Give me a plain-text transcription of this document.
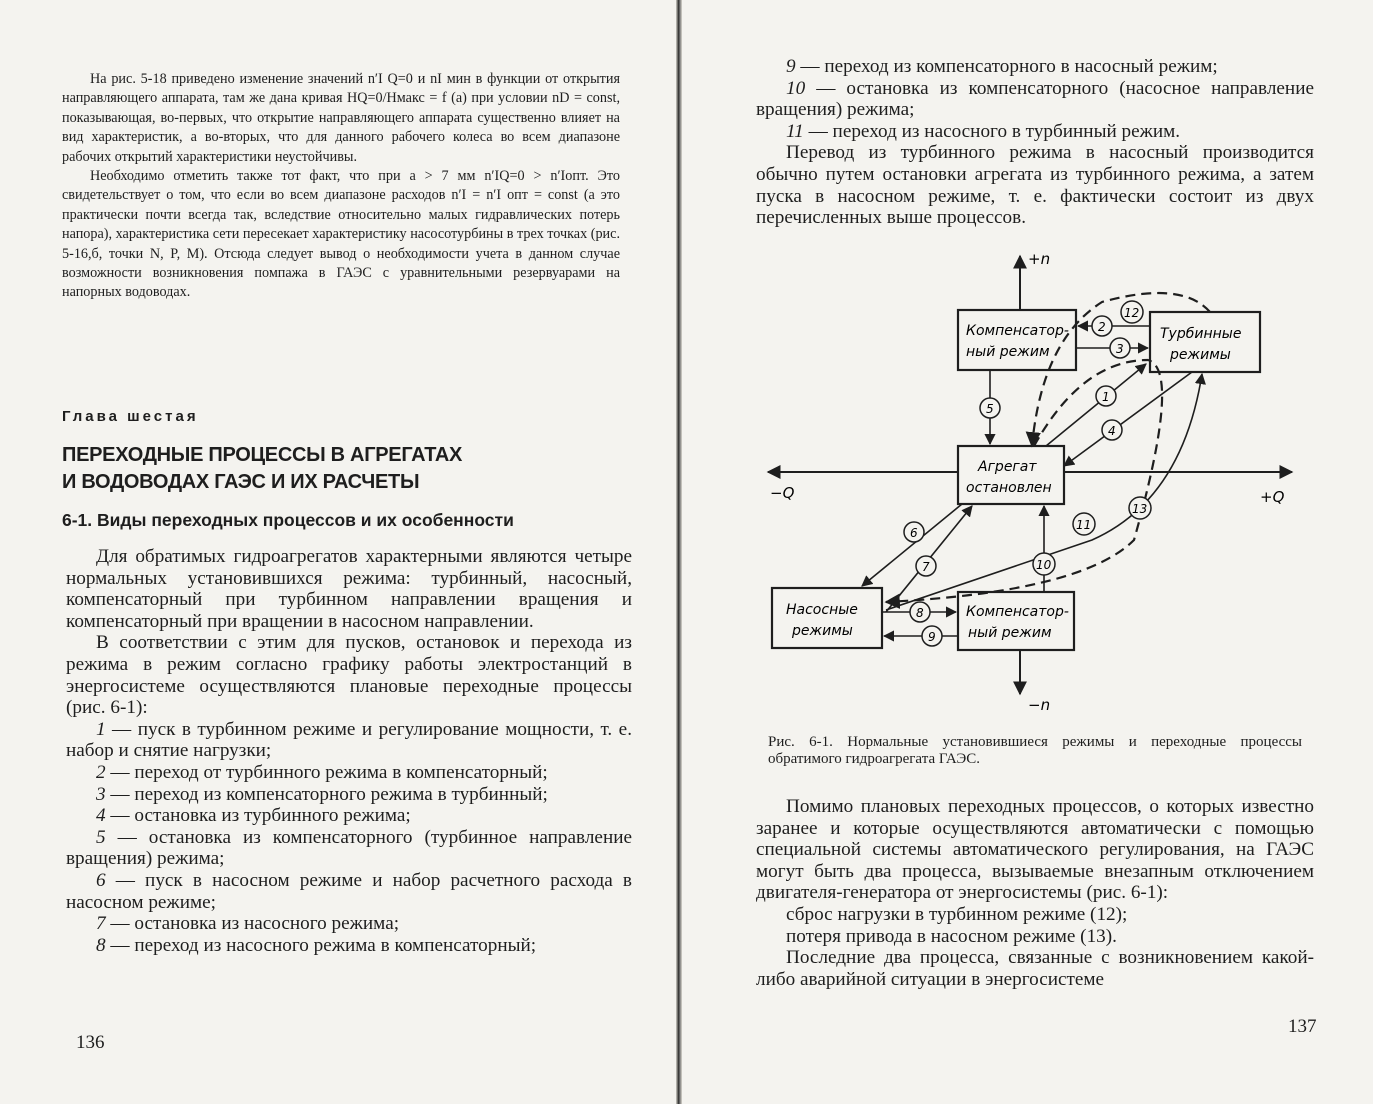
На рис. 5-18 приведено изменение значений n′I Q=0 и nI мин в функции от открытия направляющего аппарата, там же дана кривая HQ=0/Hмакс = f (a) при условии nD = const, показывающая, во-первых, что открытие направляющего аппарата существенно влияет на вид характеристик, а во-вторых, что для данного рабочего колеса во всем диапазоне рабочих открытий характеристики неустойчивы.

Необходимо отметить также тот факт, что при a > 7 мм n′IQ=0 > n′Iопт. Это свидетельствует о том, что если во всем диапазоне расходов n′I = n′I опт = const (а это практически почти всегда так, вследствие относительно малых гидравлических потерь напора), характеристика сети пересекает характеристику насосотурбины в трех точках (рис. 5-16,б, точки N, P, M). Отсюда следует вывод о необходимости учета в данном случае возможности возникновения помпажа в ГАЭС с уравнительными резервуарами на напорных водоводах.

Глава шестая
ПЕРЕХОДНЫЕ ПРОЦЕССЫ В АГРЕГАТАХ
И ВОДОВОДАХ ГАЭС И ИХ РАСЧЕТЫ
6-1. Виды переходных процессов и их особенности

Для обратимых гидроагрегатов характерными являются четыре нормальных установившихся режима: турбинный, насосный, компенсаторный при турбинном направлении вращения и компенсаторный при вращении в насосном направлении.

В соответствии с этим для пусков, остановок и перехода из режима в режим согласно графику работы электростанций в энергосистеме осуществляются плановые переходные процессы (рис. 6-1):

1 — пуск в турбинном режиме и регулирование мощности, т. е. набор и снятие нагрузки;

2 — переход от турбинного режима в компенсаторный;

3 — переход из компенсаторного режима в турбинный;

4 — остановка из турбинного режима;

5 — остановка из компенсаторного (турбинное направление вращения) режима;

6 — пуск в насосном режиме и набор расчетного расхода в насосном режиме;

7 — остановка из насосного режима;

8 — переход из насосного режима в компенсаторный;

136

9 — переход из компенсаторного в насосный режим;

10 — остановка из компенсаторного (насосное направление вращения) режима;

11 — переход из насосного в турбинный режим.

Перевод из турбинного режима в насосный производится обычно путем остановки агрегата из турбинного режима, а затем пуска в насосном режиме, т. е. фактически состоит из двух перечисленных выше процессов.

+n
−n
−Q	+Q
Компенсатор-
ный режим
Турбинные
режимы
Агрегат
остановлен
Насосные
режимы
Компенсатор-
ный режим
1
2
3
4
5
6
7
8
9
10
11
12
13

Рис. 6-1. Нормальные установившиеся режимы и переходные процессы обратимого гидроагрегата ГАЭС.

Помимо плановых переходных процессов, о которых известно заранее и которые осуществляются автоматически с помощью специальной системы автоматического регулирования, на ГАЭС могут быть два процесса, вызываемые внезапным отключением двигателя-генератора от энергосистемы (рис. 6-1):

сброс нагрузки в турбинном режиме (12);

потеря привода в насосном режиме (13).

Последние два процесса, связанные с возникновением какой-либо аварийной ситуации в энергосистеме

137
